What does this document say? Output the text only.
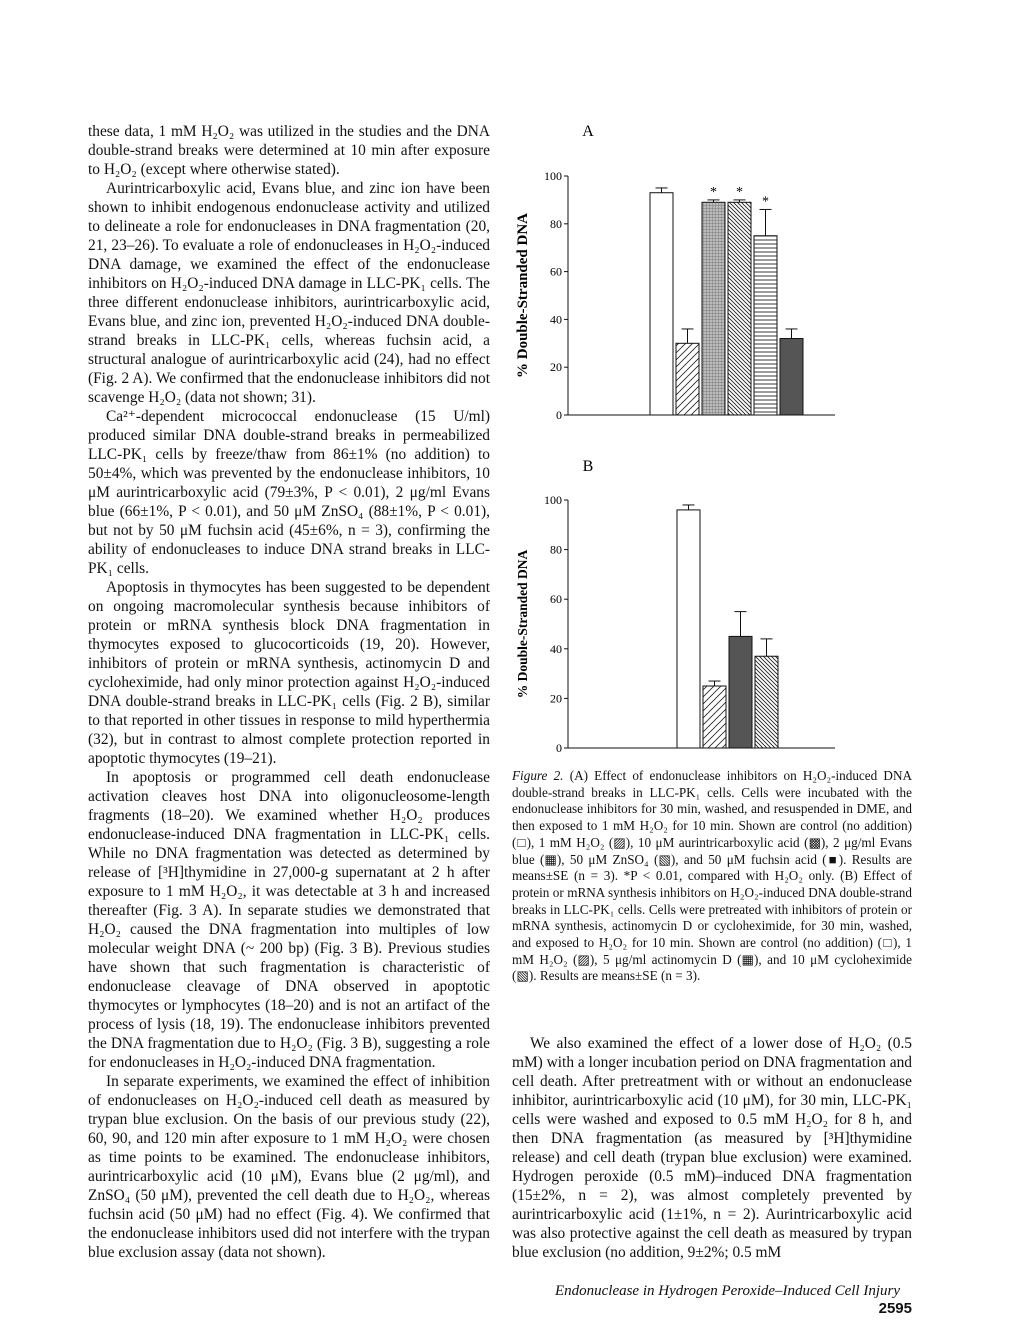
these data, 1 mM H₂O₂ was utilized in the studies and the DNA double-strand breaks were determined at 10 min after exposure to H₂O₂ (except where otherwise stated).

Aurintricarboxylic acid, Evans blue, and zinc ion have been shown to inhibit endogenous endonuclease activity and utilized to delineate a role for endonucleases in DNA fragmentation (20, 21, 23–26). To evaluate a role of endonucleases in H₂O₂-induced DNA damage, we examined the effect of the endonuclease inhibitors on H₂O₂-induced DNA damage in LLC-PK₁ cells. The three different endonuclease inhibitors, aurintricarboxylic acid, Evans blue, and zinc ion, prevented H₂O₂-induced DNA double-strand breaks in LLC-PK₁ cells, whereas fuchsin acid, a structural analogue of aurintricarboxylic acid (24), had no effect (Fig. 2 A). We confirmed that the endonuclease inhibitors did not scavenge H₂O₂ (data not shown; 31).

Ca²⁺-dependent micrococcal endonuclease (15 U/ml) produced similar DNA double-strand breaks in permeabilized LLC-PK₁ cells by freeze/thaw from 86±1% (no addition) to 50±4%, which was prevented by the endonuclease inhibitors, 10 μM aurintricarboxylic acid (79±3%, P < 0.01), 2 μg/ml Evans blue (66±1%, P < 0.01), and 50 μM ZnSO₄ (88±1%, P < 0.01), but not by 50 μM fuchsin acid (45±6%, n = 3), confirming the ability of endonucleases to induce DNA strand breaks in LLC-PK₁ cells.

Apoptosis in thymocytes has been suggested to be dependent on ongoing macromolecular synthesis because inhibitors of protein or mRNA synthesis block DNA fragmentation in thymocytes exposed to glucocorticoids (19, 20). However, inhibitors of protein or mRNA synthesis, actinomycin D and cycloheximide, had only minor protection against H₂O₂-induced DNA double-strand breaks in LLC-PK₁ cells (Fig. 2 B), similar to that reported in other tissues in response to mild hyperthermia (32), but in contrast to almost complete protection reported in apoptotic thymocytes (19–21).

In apoptosis or programmed cell death endonuclease activation cleaves host DNA into oligonucleosome-length fragments (18–20). We examined whether H₂O₂ produces endonuclease-induced DNA fragmentation in LLC-PK₁ cells. While no DNA fragmentation was detected as determined by release of [³H]thymidine in 27,000-g supernatant at 2 h after exposure to 1 mM H₂O₂, it was detectable at 3 h and increased thereafter (Fig. 3 A). In separate studies we demonstrated that H₂O₂ caused the DNA fragmentation into multiples of low molecular weight DNA (~ 200 bp) (Fig. 3 B). Previous studies have shown that such fragmentation is characteristic of endonuclease cleavage of DNA observed in apoptotic thymocytes or lymphocytes (18–20) and is not an artifact of the process of lysis (18, 19). The endonuclease inhibitors prevented the DNA fragmentation due to H₂O₂ (Fig. 3 B), suggesting a role for endonucleases in H₂O₂-induced DNA fragmentation.

In separate experiments, we examined the effect of inhibition of endonucleases on H₂O₂-induced cell death as measured by trypan blue exclusion. On the basis of our previous study (22), 60, 90, and 120 min after exposure to 1 mM H₂O₂ were chosen as time points to be examined. The endonuclease inhibitors, aurintricarboxylic acid (10 μM), Evans blue (2 μg/ml), and ZnSO₄ (50 μM), prevented the cell death due to H₂O₂, whereas fuchsin acid (50 μM) had no effect (Fig. 4). We confirmed that the endonuclease inhibitors used did not interfere with the trypan blue exclusion assay (data not shown).

A
0
20
40
60
80
100
% Double-Stranded DNA
* *
*
B
0
20
40
60
80
100
% Double-Stranded DNA
Figure 2. (A) Effect of endonuclease inhibitors on H₂O₂-induced DNA double-strand breaks in LLC-PK₁ cells. Cells were incubated with the endonuclease inhibitors for 30 min, washed, and resuspended in DME, and then exposed to 1 mM H₂O₂ for 10 min. Shown are control (no addition) (□), 1 mM H₂O₂ (▨), 10 μM aurintricarboxylic acid (▩), 2 μg/ml Evans blue (▦), 50 μM ZnSO₄ (▧), and 50 μM fuchsin acid (■). Results are means±SE (n = 3). *P < 0.01, compared with H₂O₂ only. (B) Effect of protein or mRNA synthesis inhibitors on H₂O₂-induced DNA double-strand breaks in LLC-PK₁ cells. Cells were pretreated with inhibitors of protein or mRNA synthesis, actinomycin D or cycloheximide, for 30 min, washed, and exposed to H₂O₂ for 10 min. Shown are control (no addition) (□), 1 mM H₂O₂ (▨), 5 μg/ml actinomycin D (▦), and 10 μM cycloheximide (▧). Results are means±SE (n = 3).

We also examined the effect of a lower dose of H₂O₂ (0.5 mM) with a longer incubation period on DNA fragmentation and cell death. After pretreatment with or without an endonuclease inhibitor, aurintricarboxylic acid (10 μM), for 30 min, LLC-PK₁ cells were washed and exposed to 0.5 mM H₂O₂ for 8 h, and then DNA fragmentation (as measured by [³H]thymidine release) and cell death (trypan blue exclusion) were examined. Hydrogen peroxide (0.5 mM)–induced DNA fragmentation (15±2%, n = 2), was almost completely prevented by aurintricarboxylic acid (1±1%, n = 2). Aurintricarboxylic acid was also protective against the cell death as measured by trypan blue exclusion (no addition, 9±2%; 0.5 mM

Endonuclease in Hydrogen Peroxide–Induced Cell Injury 2595
